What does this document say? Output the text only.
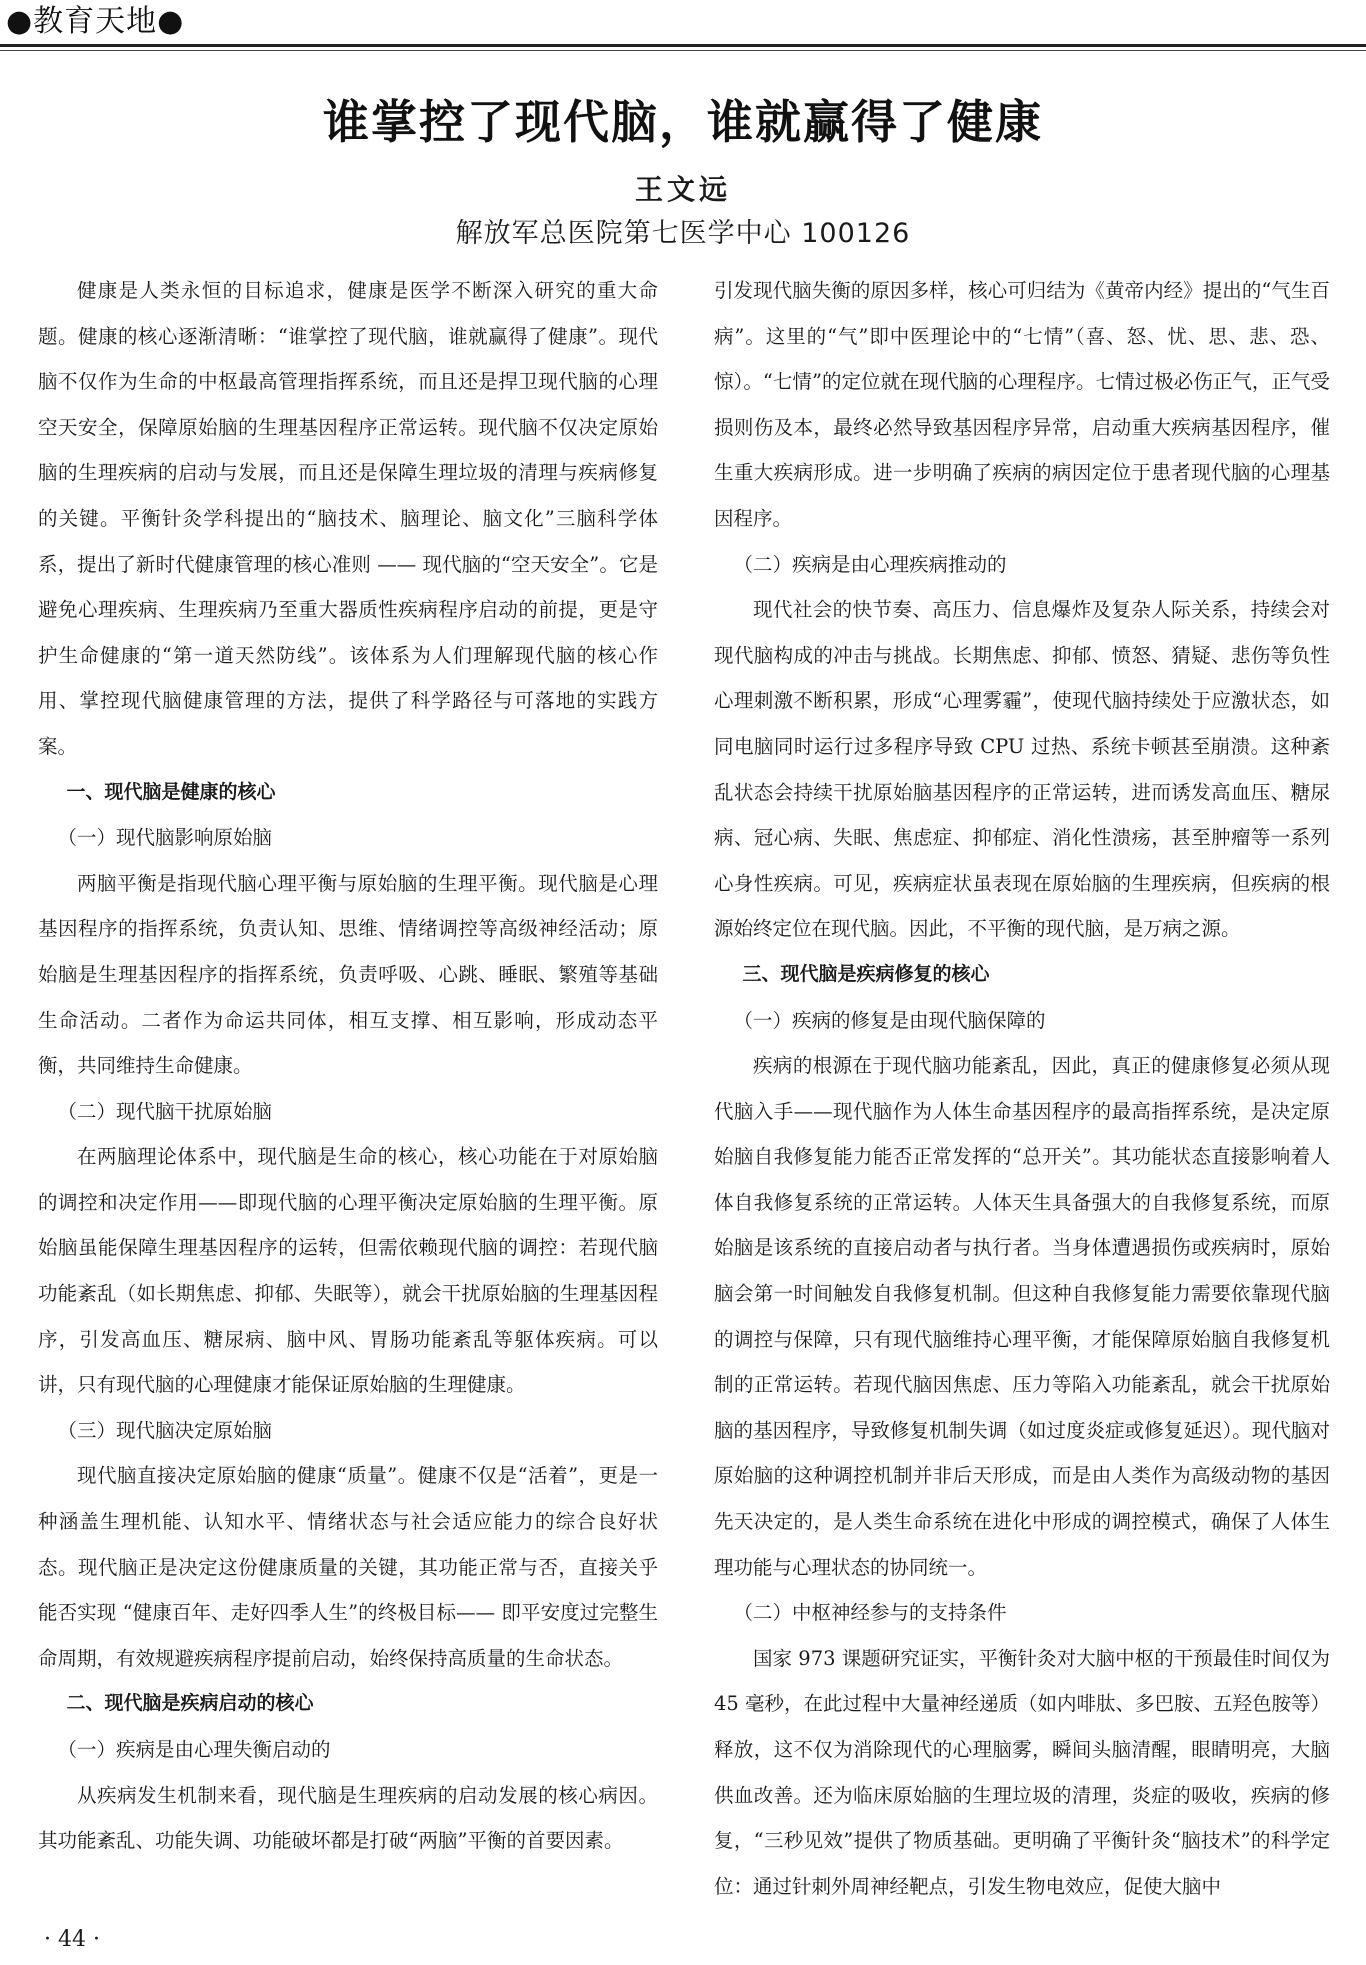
●教育天地●
谁掌控了现代脑，谁就赢得了健康
王文远
解放军总医院第七医学中心 100126

健康是人类永恒的目标追求，健康是医学不断深入研究的重大命题。健康的核心逐渐清晰：“谁掌控了现代脑，谁就赢得了健康”。现代脑不仅作为生命的中枢最高管理指挥系统，而且还是捍卫现代脑的心理空天安全，保障原始脑的生理基因程序正常运转。现代脑不仅决定原始脑的生理疾病的启动与发展，而且还是保障生理垃圾的清理与疾病修复的关键。平衡针灸学科提出的“脑技术、脑理论、脑文化”三脑科学体系，提出了新时代健康管理的核心准则 —— 现代脑的“空天安全”。它是避免心理疾病、生理疾病乃至重大器质性疾病程序启动的前提，更是守护生命健康的“第一道天然防线”。该体系为人们理解现代脑的核心作用、掌控现代脑健康管理的方法，提供了科学路径与可落地的实践方案。

一、现代脑是健康的核心

（一）现代脑影响原始脑

两脑平衡是指现代脑心理平衡与原始脑的生理平衡。现代脑是心理基因程序的指挥系统，负责认知、思维、情绪调控等高级神经活动；原始脑是生理基因程序的指挥系统，负责呼吸、心跳、睡眠、繁殖等基础生命活动。二者作为命运共同体，相互支撑、相互影响，形成动态平衡，共同维持生命健康。

（二）现代脑干扰原始脑

在两脑理论体系中，现代脑是生命的核心，核心功能在于对原始脑的调控和决定作用——即现代脑的心理平衡决定原始脑的生理平衡。原始脑虽能保障生理基因程序的运转，但需依赖现代脑的调控：若现代脑功能紊乱（如长期焦虑、抑郁、失眠等），就会干扰原始脑的生理基因程序，引发高血压、糖尿病、脑中风、胃肠功能紊乱等躯体疾病。可以讲，只有现代脑的心理健康才能保证原始脑的生理健康。

（三）现代脑决定原始脑

现代脑直接决定原始脑的健康“质量”。健康不仅是“活着”，更是一种涵盖生理机能、认知水平、情绪状态与社会适应能力的综合良好状态。现代脑正是决定这份健康质量的关键，其功能正常与否，直接关乎能否实现 “健康百年、走好四季人生”的终极目标—— 即平安度过完整生命周期，有效规避疾病程序提前启动，始终保持高质量的生命状态。

二、现代脑是疾病启动的核心

（一）疾病是由心理失衡启动的

从疾病发生机制来看，现代脑是生理疾病的启动发展的核心病因。其功能紊乱、功能失调、功能破坏都是打破“两脑”平衡的首要因素。

引发现代脑失衡的原因多样，核心可归结为《黄帝内经》提出的“气生百病”。这里的“气”即中医理论中的“七情”（喜、怒、忧、思、悲、恐、惊）。“七情”的定位就在现代脑的心理程序。七情过极必伤正气，正气受损则伤及本，最终必然导致基因程序异常，启动重大疾病基因程序，催生重大疾病形成。进一步明确了疾病的病因定位于患者现代脑的心理基因程序。

（二）疾病是由心理疾病推动的

现代社会的快节奏、高压力、信息爆炸及复杂人际关系，持续会对现代脑构成的冲击与挑战。长期焦虑、抑郁、愤怒、猜疑、悲伤等负性心理刺激不断积累，形成“心理雾霾”，使现代脑持续处于应激状态，如同电脑同时运行过多程序导致 CPU 过热、系统卡顿甚至崩溃。这种紊乱状态会持续干扰原始脑基因程序的正常运转，进而诱发高血压、糖尿病、冠心病、失眠、焦虑症、抑郁症、消化性溃疡，甚至肿瘤等一系列心身性疾病。可见，疾病症状虽表现在原始脑的生理疾病，但疾病的根源始终定位在现代脑。因此，不平衡的现代脑，是万病之源。

三、现代脑是疾病修复的核心

（一）疾病的修复是由现代脑保障的

疾病的根源在于现代脑功能紊乱，因此，真正的健康修复必须从现代脑入手——现代脑作为人体生命基因程序的最高指挥系统，是决定原始脑自我修复能力能否正常发挥的“总开关”。其功能状态直接影响着人体自我修复系统的正常运转。人体天生具备强大的自我修复系统，而原始脑是该系统的直接启动者与执行者。当身体遭遇损伤或疾病时，原始脑会第一时间触发自我修复机制。但这种自我修复能力需要依靠现代脑的调控与保障，只有现代脑维持心理平衡，才能保障原始脑自我修复机制的正常运转。若现代脑因焦虑、压力等陷入功能紊乱，就会干扰原始脑的基因程序，导致修复机制失调（如过度炎症或修复延迟）。现代脑对原始脑的这种调控机制并非后天形成，而是由人类作为高级动物的基因先天决定的，是人类生命系统在进化中形成的调控模式，确保了人体生理功能与心理状态的协同统一。

（二）中枢神经参与的支持条件

国家 973 课题研究证实，平衡针灸对大脑中枢的干预最佳时间仅为 45 毫秒，在此过程中大量神经递质（如内啡肽、多巴胺、五羟色胺等）释放，这不仅为消除现代的心理脑雾，瞬间头脑清醒，眼睛明亮，大脑供血改善。还为临床原始脑的生理垃圾的清理，炎症的吸收，疾病的修复，“三秒见效”提供了物质基础。更明确了平衡针灸“脑技术”的科学定位：通过针刺外周神经靶点，引发生物电效应，促使大脑中

· 44 ·
